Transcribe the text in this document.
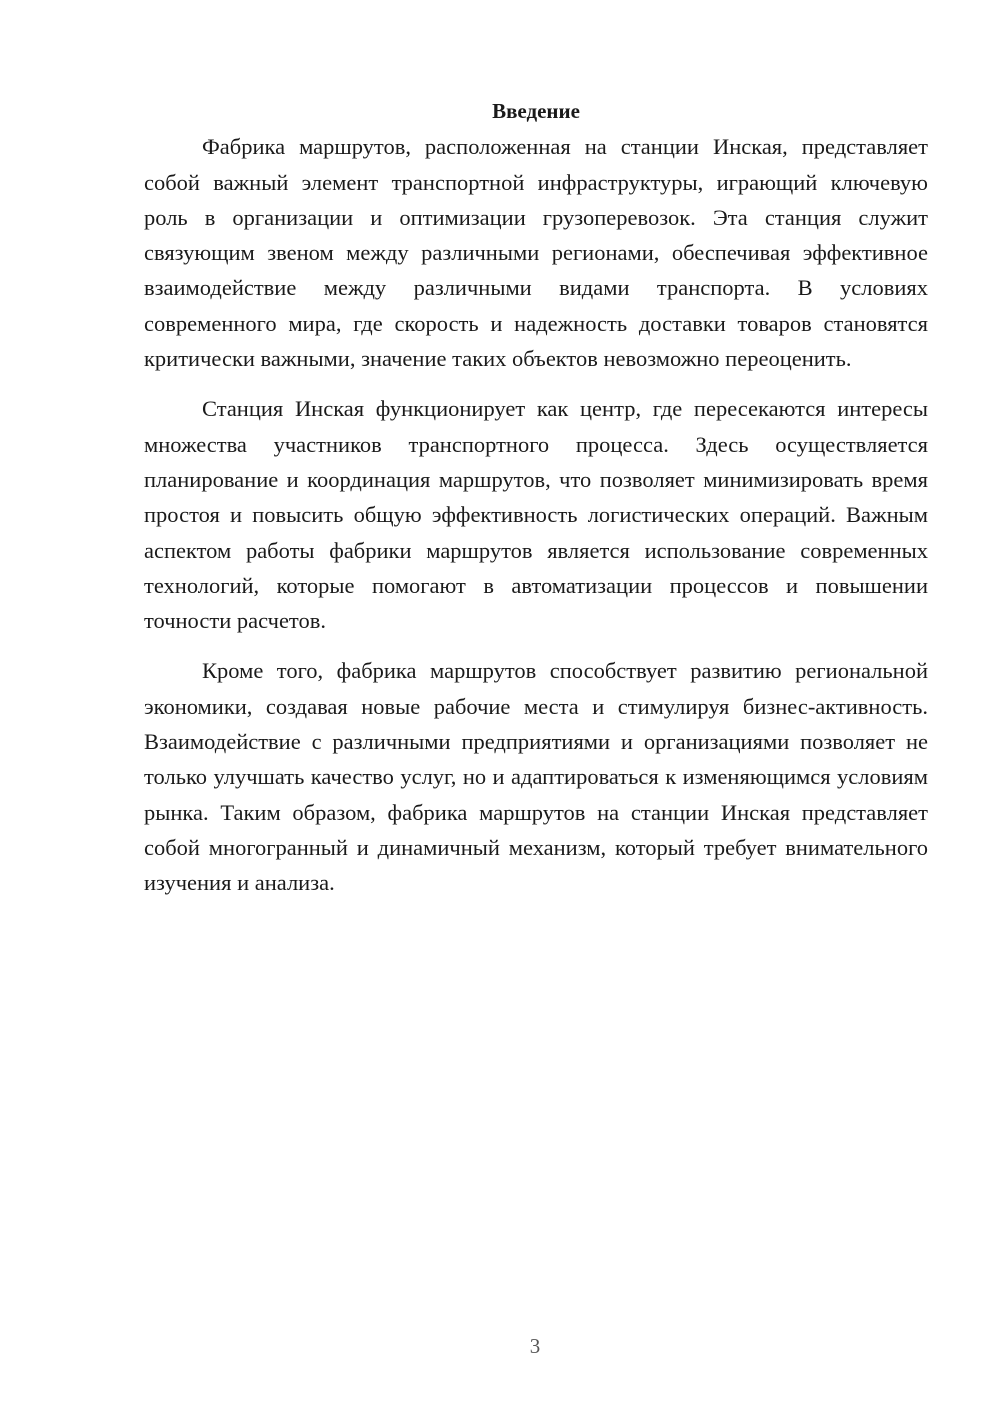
Введение

Фабрика маршрутов, расположенная на станции Инская, представляет собой важный элемент транспортной инфраструктуры, играющий ключевую роль в организации и оптимизации грузоперевозок. Эта станция служит связующим звеном между различными регионами, обеспечивая эффективное взаимодействие между различными видами транспорта. В условиях современного мира, где скорость и надежность доставки товаров становятся критически важными, значение таких объектов невозможно переоценить.

Станция Инская функционирует как центр, где пересекаются интересы множества участников транспортного процесса. Здесь осуществляется планирование и координация маршрутов, что позволяет минимизировать время простоя и повысить общую эффективность логистических операций. Важным аспектом работы фабрики маршрутов является использование современных технологий, которые помогают в автоматизации процессов и повышении точности расчетов.

Кроме того, фабрика маршрутов способствует развитию региональной экономики, создавая новые рабочие места и стимулируя бизнес-активность. Взаимодействие с различными предприятиями и организациями позволяет не только улучшать качество услуг, но и адаптироваться к изменяющимся условиям рынка. Таким образом, фабрика маршрутов на станции Инская представляет собой многогранный и динамичный механизм, который требует внимательного изучения и анализа.

3
